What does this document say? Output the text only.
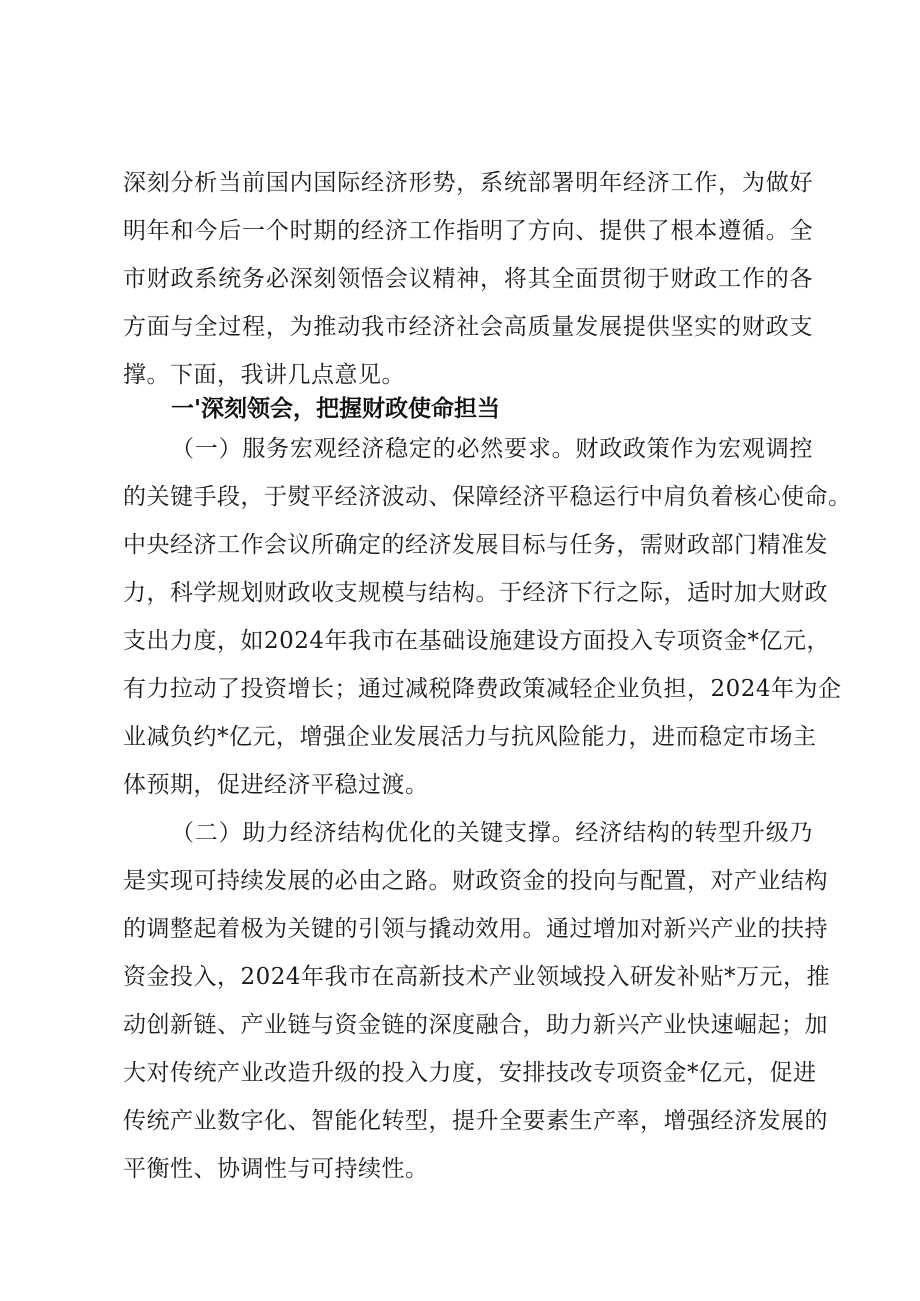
深刻分析当前国内国际经济形势，系统部署明年经济工作，为做好
明年和今后一个时期的经济工作指明了方向、提供了根本遵循。全
市财政系统务必深刻领悟会议精神，将其全面贯彻于财政工作的各
方面与全过程，为推动我市经济社会高质量发展提供坚实的财政支
撑。下面，我讲几点意见。
一'深刻领会，把握财政使命担当
（一）服务宏观经济稳定的必然要求。财政政策作为宏观调控
的关键手段，于熨平经济波动、保障经济平稳运行中肩负着核心使命。
中央经济工作会议所确定的经济发展目标与任务，需财政部门精准发
力，科学规划财政收支规模与结构。于经济下行之际，适时加大财政
支出力度，如2024年我市在基础设施建设方面投入专项资金*亿元，
有力拉动了投资增长；通过减税降费政策减轻企业负担，2024年为企
业减负约*亿元，增强企业发展活力与抗风险能力，进而稳定市场主
体预期，促进经济平稳过渡。
（二）助力经济结构优化的关键支撑。经济结构的转型升级乃
是实现可持续发展的必由之路。财政资金的投向与配置，对产业结构
的调整起着极为关键的引领与撬动效用。通过增加对新兴产业的扶持
资金投入，2024年我市在高新技术产业领域投入研发补贴*万元，推
动创新链、产业链与资金链的深度融合，助力新兴产业快速崛起；加
大对传统产业改造升级的投入力度，安排技改专项资金*亿元，促进
传统产业数字化、智能化转型，提升全要素生产率，增强经济发展的
平衡性、协调性与可持续性。
